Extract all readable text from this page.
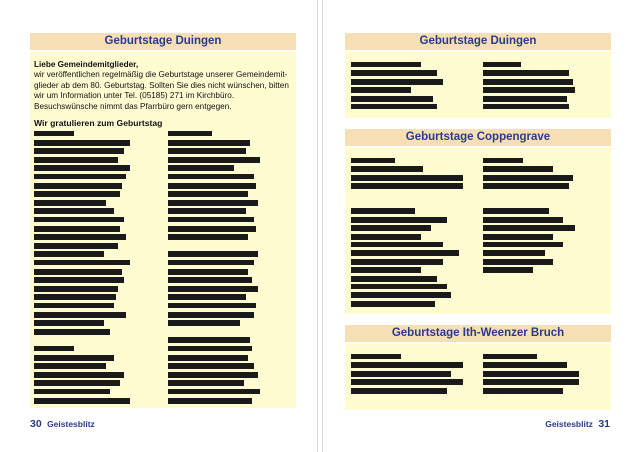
Geburtstage Duingen
Liebe Gemeindemitglieder,
wir veröffentlichen regelmäßig die Geburtstage unserer Gemeindemit-
glieder ab dem 80. Geburtstag. Sollten Sie dies nicht wünschen, bitten
wir um Information unter Tel. (05185) 271 im Kirchbüro.
Besuchswünsche nimmt das Pfarrbüro gern entgegen.
Wir gratulieren zum Geburtstag
30 Geistesblitz
Geburtstage Duingen
Geburtstage Coppengrave
Geburtstage Ith-Weenzer Bruch
Geistesblitz 31
